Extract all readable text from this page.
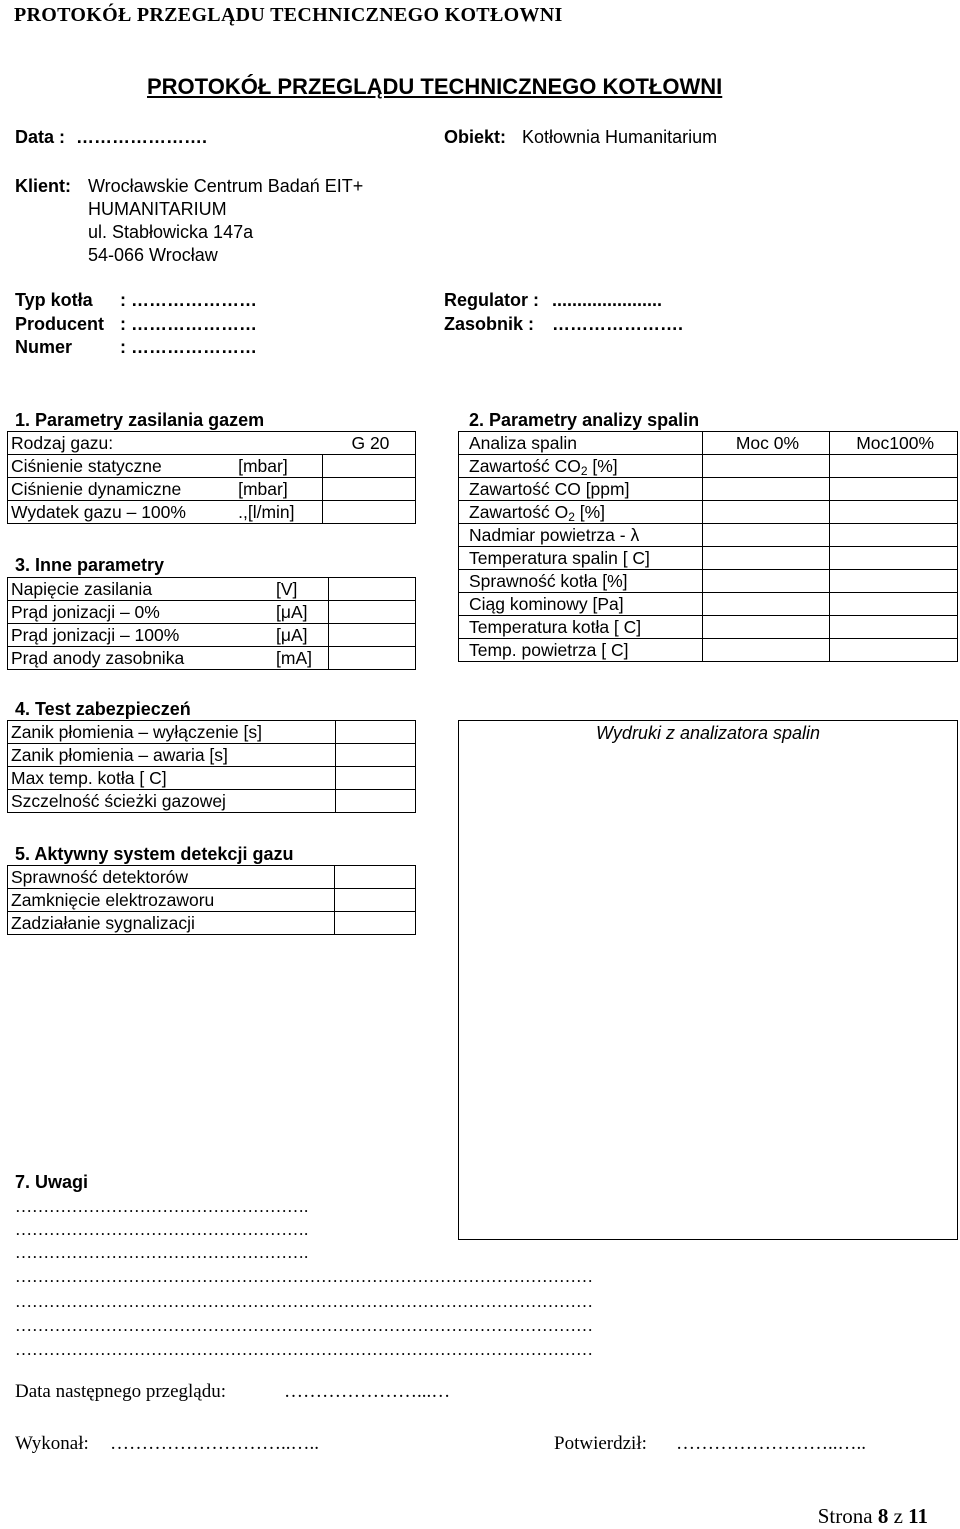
PROTOKÓŁ PRZEGLĄDU TECHNICZNEGO KOTŁOWNI
PROTOKÓŁ PRZEGLĄDU TECHNICZNEGO KOTŁOWNI
Data : ………………….	Obiekt: Kotłownia Humanitarium
Klient: Wrocławskie Centrum Badań EIT+
HUMANITARIUM
ul. Stabłowicka 147a
54-066 Wrocław
Typ kotła : …………………
Producent : …………………
Numer	: …………………
Regulator : ......................
Zasobnik : ………………….
1. Parametry zasilania gazem
Rodzaj gazu:		G 20
Ciśnienie statyczne	[mbar]	
Ciśnienie dynamiczne	[mbar]	
Wydatek gazu – 100%	.,[l/min]	
2. Parametry analizy spalin
Analiza spalin	Moc 0%	Moc100%
Zawartość $CO_2$ [%]		
Zawartość CO [ppm]		
Zawartość $O_2$ [%]		
Nadmiar powietrza - λ		
Temperatura spalin [ C]		
Sprawność kotła [%]		
Ciąg kominowy [Pa]		
Temperatura kotła [ C]		
Temp. powietrza [ C]		
3. Inne parametry
Napięcie zasilania	[V]	
Prąd jonizacji – 0%	[μA]	
Prąd jonizacji – 100%	[μA]	
Prąd anody zasobnika	[mA]	
4. Test zabezpieczeń
Zanik płomienia – wyłączenie [s]	
Zanik płomienia – awaria [s]	
Max temp. kotła [ C]	
Szczelność ścieżki gazowej	
Wydruki z analizatora spalin
5. Aktywny system detekcji gazu
Sprawność detektorów	
Zamknięcie elektrozaworu	
Zadziałanie sygnalizacji	
7. Uwagi
…………………………………………….
…………………………………………….
…………………………………………….
…………………………………………………………………………………………
…………………………………………………………………………………………
…………………………………………………………………………………………
…………………………………………………………………………………………
Data następnego przeglądu:	…………………...…
Wykonał: ………………………..…..	Potwierdził: ……………………..…..
Strona 8 z 11
